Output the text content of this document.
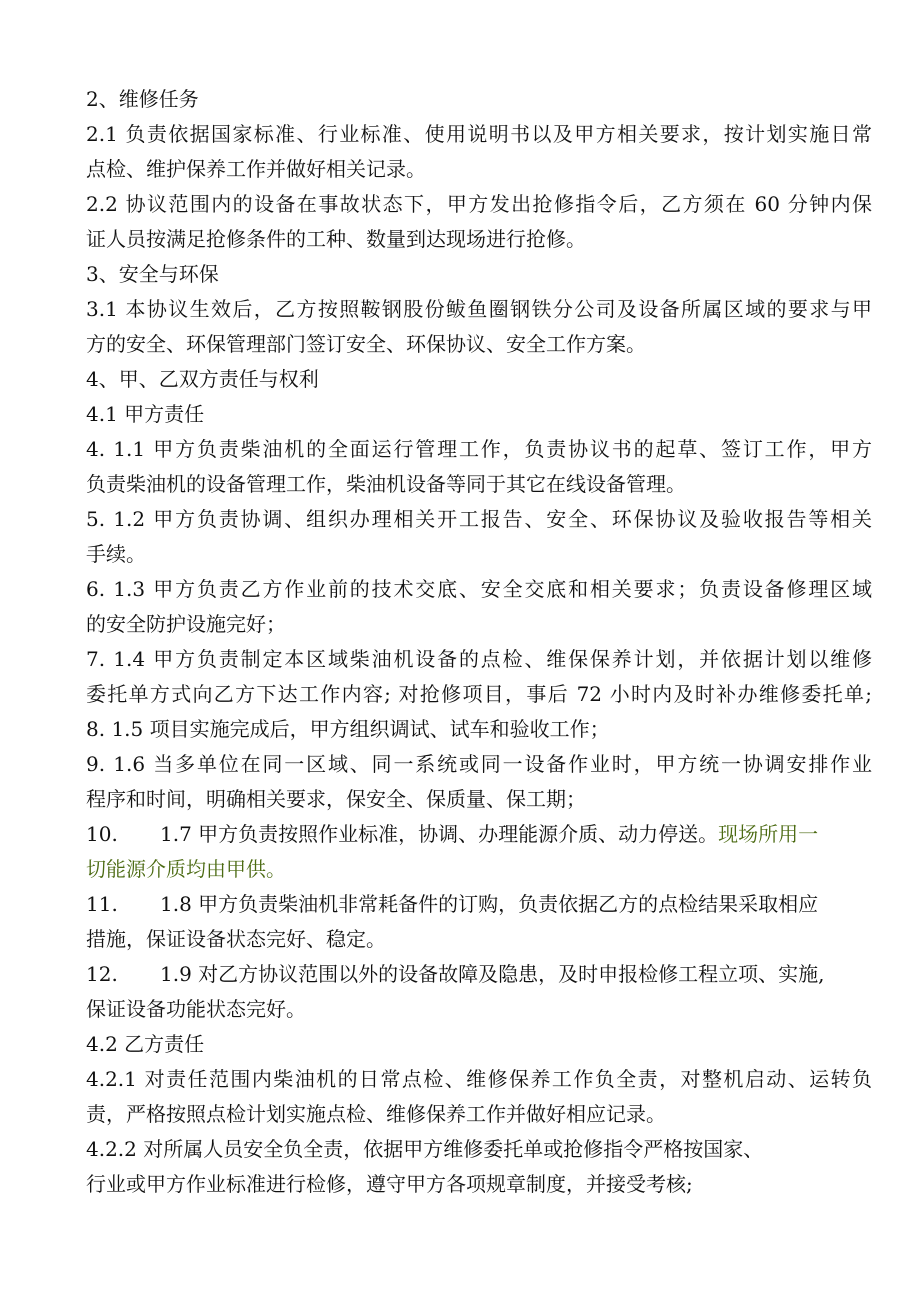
2、维修任务
2.1 负责依据国家标准、行业标准、使用说明书以及甲方相关要求，按计划实施日常
点检、维护保养工作并做好相关记录。
2.2 协议范围内的设备在事故状态下，甲方发出抢修指令后，乙方须在 60 分钟内保
证人员按满足抢修条件的工种、数量到达现场进行抢修。
3、安全与环保
3.1 本协议生效后，乙方按照鞍钢股份鲅鱼圈钢铁分公司及设备所属区域的要求与甲
方的安全、环保管理部门签订安全、环保协议、安全工作方案。
4、甲、乙双方责任与权利
4.1 甲方责任
4. 1.1 甲方负责柴油机的全面运行管理工作，负责协议书的起草、签订工作，甲方
负责柴油机的设备管理工作，柴油机设备等同于其它在线设备管理。
5. 1.2 甲方负责协调、组织办理相关开工报告、安全、环保协议及验收报告等相关
手续。
6. 1.3 甲方负责乙方作业前的技术交底、安全交底和相关要求；负责设备修理区域
的安全防护设施完好；
7. 1.4 甲方负责制定本区域柴油机设备的点检、维保保养计划，并依据计划以维修
委托单方式向乙方下达工作内容; 对抢修项目，事后 72 小时内及时补办维修委托单;
8. 1.5 项目实施完成后，甲方组织调试、试车和验收工作；
9. 1.6 当多单位在同一区域、同一系统或同一设备作业时，甲方统一协调安排作业
程序和时间，明确相关要求，保安全、保质量、保工期；
10. 1.7 甲方负责按照作业标准，协调、办理能源介质、动力停送。现场所用一
切能源介质均由甲供。
11. 1.8 甲方负责柴油机非常耗备件的订购，负责依据乙方的点检结果采取相应
措施，保证设备状态完好、稳定。
12. 1.9 对乙方协议范围以外的设备故障及隐患，及时申报检修工程立项、实施,
保证设备功能状态完好。
4.2 乙方责任
4.2.1 对责任范围内柴油机的日常点检、维修保养工作负全责，对整机启动、运转负
责，严格按照点检计划实施点检、维修保养工作并做好相应记录。
4.2.2 对所属人员安全负全责，依据甲方维修委托单或抢修指令严格按国家、
行业或甲方作业标准进行检修，遵守甲方各项规章制度，并接受考核;
